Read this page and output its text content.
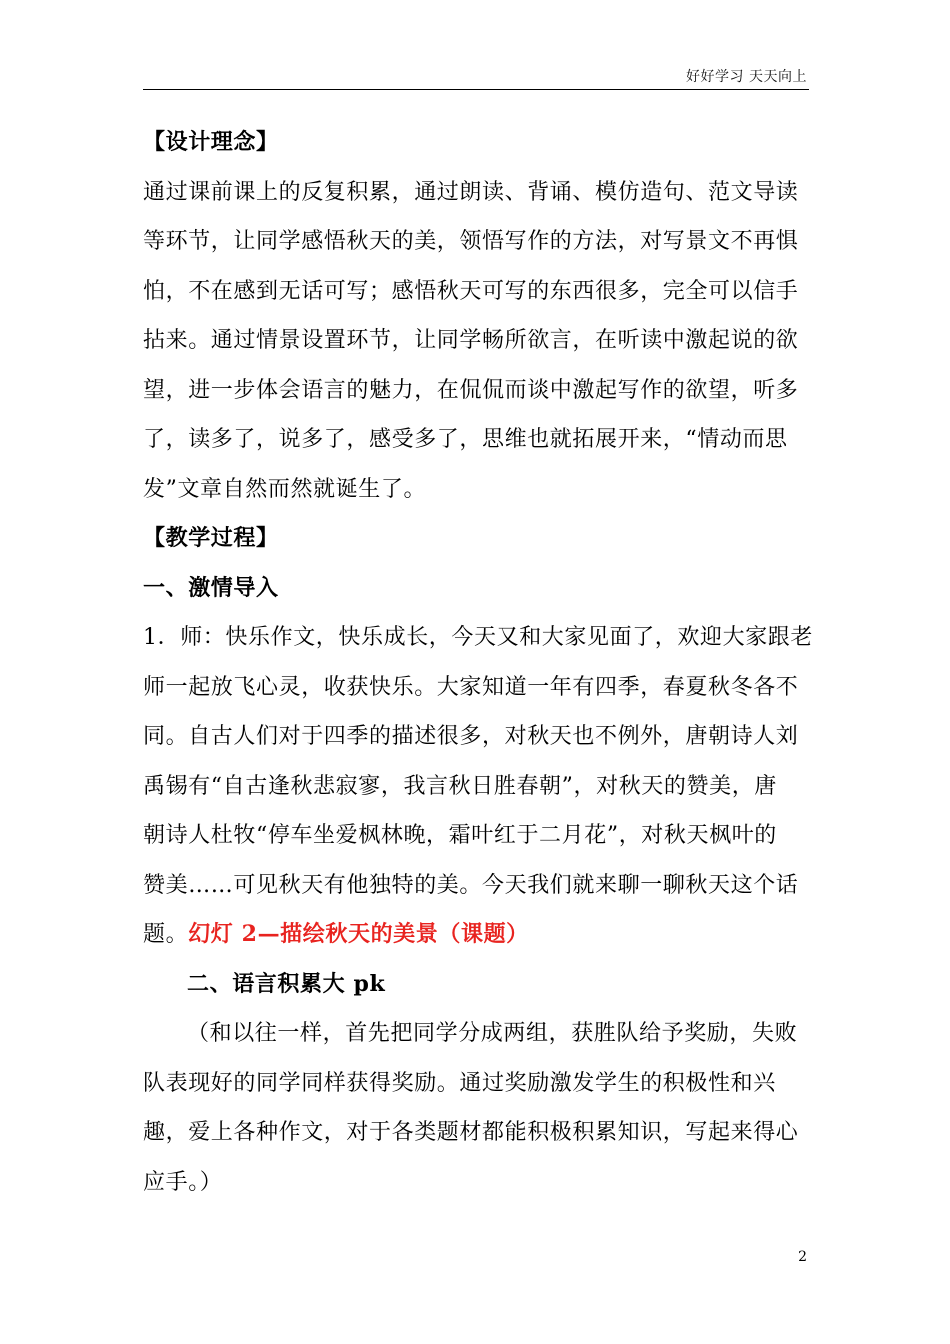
好好学习 天天向上
【设计理念】
通过课前课上的反复积累，通过朗读、背诵、模仿造句、范文导读
等环节，让同学感悟秋天的美，领悟写作的方法，对写景文不再惧
怕，不在感到无话可写；感悟秋天可写的东西很多，完全可以信手
拈来。通过情景设置环节，让同学畅所欲言，在听读中激起说的欲
望，进一步体会语言的魅力，在侃侃而谈中激起写作的欲望，听多
了，读多了，说多了，感受多了，思维也就拓展开来，“情动而思
发”文章自然而然就诞生了。
【教学过程】
一、激情导入
1．师：快乐作文，快乐成长，今天又和大家见面了，欢迎大家跟老
师一起放飞心灵，收获快乐。大家知道一年有四季，春夏秋冬各不
同。自古人们对于四季的描述很多，对秋天也不例外，唐朝诗人刘
禹锡有“自古逢秋悲寂寥，我言秋日胜春朝”，对秋天的赞美，唐
朝诗人杜牧“停车坐爱枫林晚，霜叶红于二月花”，对秋天枫叶的
赞美……可见秋天有他独特的美。今天我们就来聊一聊秋天这个话
题。幻灯 2—描绘秋天的美景（课题）
二、语言积累大 pk
（和以往一样，首先把同学分成两组，获胜队给予奖励，失败
队表现好的同学同样获得奖励。通过奖励激发学生的积极性和兴
趣，爱上各种作文，对于各类题材都能积极积累知识，写起来得心
应手。）
2
